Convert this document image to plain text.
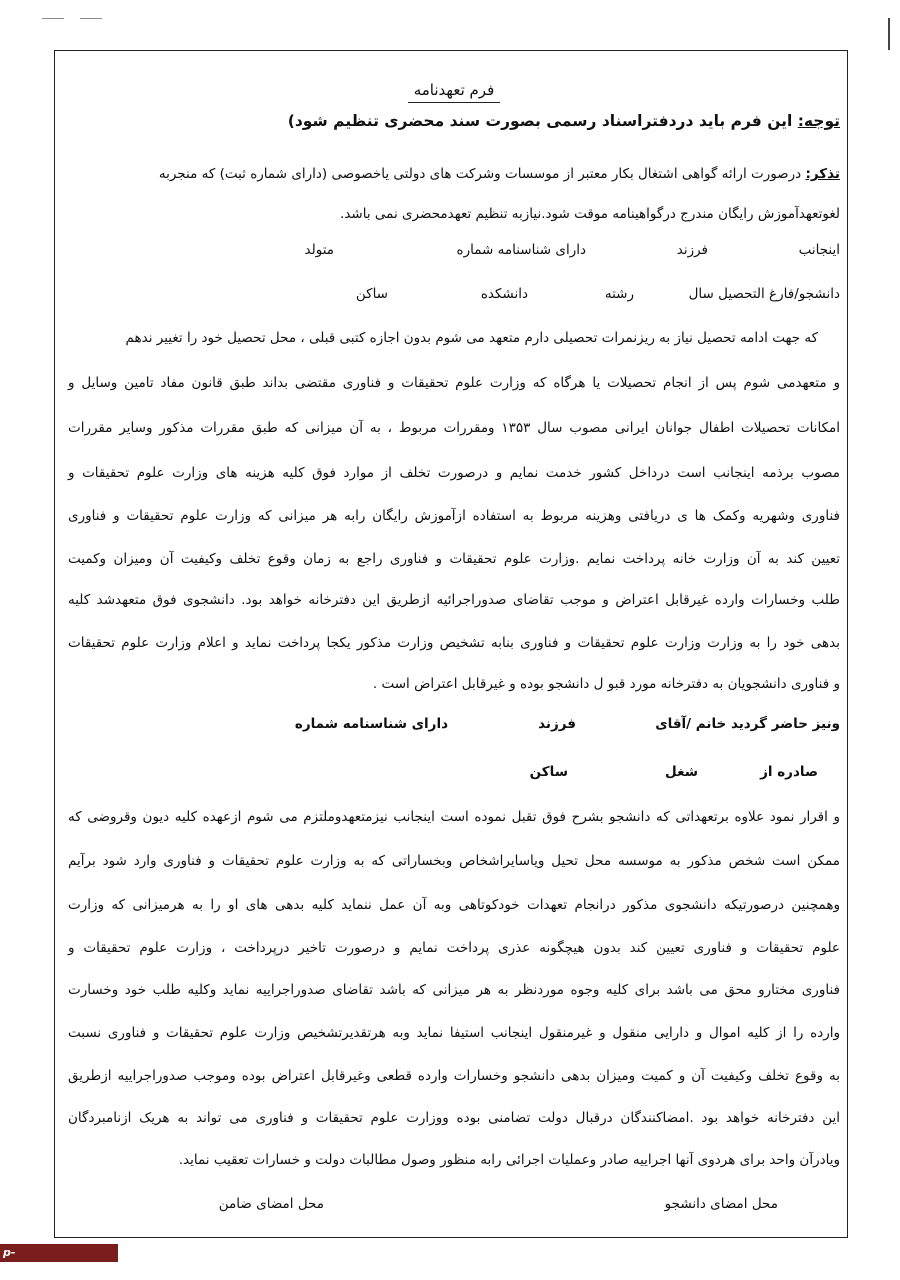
فرم تعهدنامه
توجه: این فرم باید دردفتراسناد رسمی بصورت سند محضری تنظیم شود)
تذکر: درصورت ارائه گواهی اشتغال بکار معتبر از موسسات وشرکت های دولتی یاخصوصی (دارای شماره ثبت) که منجربه
لغوتعهدآموزش رایگان مندرج درگواهینامه موقت شود.نیازبه تنظیم تعهدمحضری نمی باشد.
اینجانب
فرزند
دارای شناسنامه شماره
متولد
دانشجو/فارغ التحصیل سال
رشته
دانشکده
ساکن
که جهت ادامه تحصیل نیاز به ریزنمرات تحصیلی دارم متعهد می شوم بدون اجازه کتبی قبلی ، محل تحصیل خود را تغییر ندهم
و متعهدمی شوم پس از انجام تحصیلات یا هرگاه که وزارت علوم تحقیقات و فناوری مقتضی بداند طبق قانون مفاد تامین وسایل و
امکانات تحصیلات اطفال جوانان ایرانی مصوب سال ۱۳۵۳ ومقررات مربوط ، به آن میزانی که طبق مقررات مذکور وسایر مقررات
مصوب برذمه اینجانب است درداخل کشور خدمت نمایم و درصورت تخلف از موارد فوق کلیه هزینه های وزارت علوم تحقیقات و
فناوری وشهریه وکمک ها ی دریافتی وهزینه مربوط به استفاده ازآموزش رایگان رابه هر میزانی که وزارت علوم تحقیقات و فناوری
تعیین کند به آن وزارت خانه پرداخت نمایم .وزارت علوم تحقیقات و فناوری راجع به زمان وقوع تخلف وکیفیت آن ومیزان وکمیت
طلب وخسارات وارده غیرقابل اعتراض و موجب تقاضای صدوراجرائیه ازطریق این دفترخانه خواهد بود. دانشجوی فوق متعهدشد کلیه
بدهی خود را به وزارت وزارت علوم تحقیقات و فناوری بنابه تشخیص وزارت مذکور یکجا پرداخت نماید و اعلام وزارت علوم تحقیقات
و فناوری دانشجویان به دفترخانه مورد قبو ل دانشجو بوده و غیرقابل اعتراض است .
ونیز حاضر گردید خانم /آقای
فرزند
دارای شناسنامه شماره
صادره از
شغل
ساکن
و اقرار نمود علاوه برتعهداتی که دانشجو بشرح فوق تقبل نموده است اینجانب نیزمتعهدوملتزم می شوم ازعهده کلیه دیون وقروضی که
ممکن است شخص مذکور به موسسه محل تحیل ویاسایراشخاص وبخساراتی که به وزارت علوم تحقیقات و فناوری وارد شود برآیم
وهمچنین درصورتیکه دانشجوی مذکور درانجام تعهدات خودکوتاهی وبه آن عمل ننماید کلیه بدهی های او را به هرمیزانی که وزارت
علوم تحقیقات و فناوری تعیین کند بدون هیچگونه عذری پرداخت نمایم و درصورت تاخیر درپرداخت ، وزارت علوم تحقیقات و
فناوری مختارو محق می باشد برای کلیه وجوه موردنظر به هر میزانی که باشد تقاضای صدوراجراییه نماید وکلیه طلب خود وخسارت
وارده را از کلیه اموال و دارایی منقول و غیرمنقول اینجانب استیفا نماید وبه هرتقدیرتشخیص وزارت علوم تحقیقات و فناوری نسبت
به وقوع تخلف وکیفیت آن و کمیت ومیزان بدهی دانشجو وخسارات وارده قطعی وغیرقابل اعتراض بوده وموجب صدوراجراییه ازطریق
این دفترخانه خواهد بود .امضاکنندگان درقبال دولت تضامنی بوده ووزارت علوم تحقیقات و فناوری می تواند به هریک ازنامبردگان
ویادرآن واحد برای هردوی آنها اجراییه صادر وعملیات اجرائی رابه منظور وصول مطالبات دولت و خسارات تعقیب نماید.
محل امضای دانشجو
محل امضای ضامن
p-ardakan.nus.ac.ir
